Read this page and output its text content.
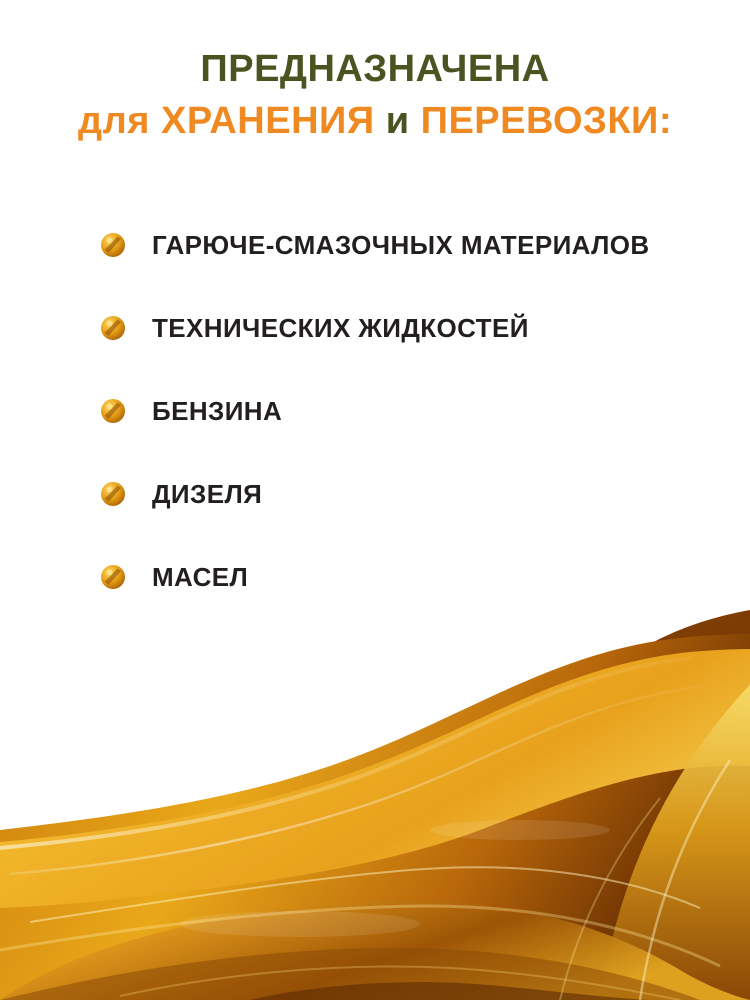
ПРЕДНАЗНАЧЕНА
для ХРАНЕНИЯ и ПЕРЕВОЗКИ:
ГАРЮЧЕ-СМАЗОЧНЫХ МАТЕРИАЛОВ
ТЕХНИЧЕСКИХ ЖИДКОСТЕЙ
БЕНЗИНА
ДИЗЕЛЯ
МАСЕЛ
